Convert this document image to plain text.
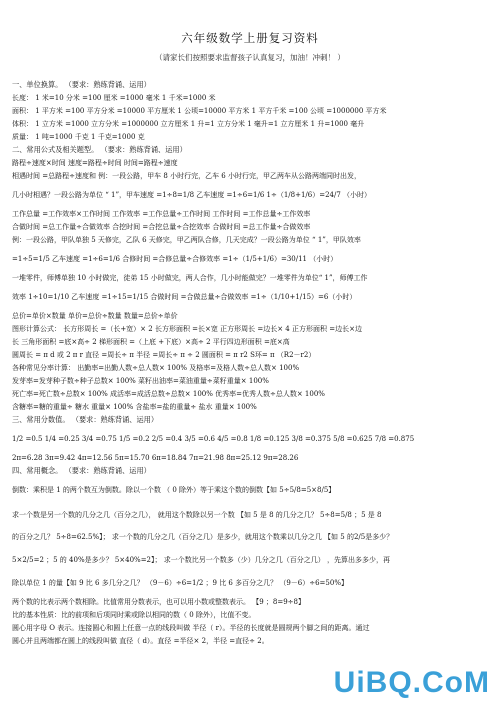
六年级数学上册复习资料
（请家长们按照要求监督孩子认真复习，加油！冲刺！ ）
一、单位换算。 （要求：熟练背诵、运用）
长度： 1 米=10 分米 =100 厘米 =1000 毫米 1 千米=1000 米
面积： 1 平方米 =100 平方分米 =10000 平方厘米 1 公顷=10000 平方米 1 平方千米 =100 公顷 =1000000 平方米
体积： 1 立方米 =1000 立方分米 =1000000 立方厘米 1 升=1 立方分米 1 毫升=1 立方厘米 1 升=1000 毫升
质量： 1 吨=1000 千克 1 千克=1000 克
二、常用公式及相关题型。 （要求：熟练背诵、运用）
路程÷速度×时间 速度=路程÷时间 时间=路程÷速度
相遇时间 =总路程÷速度和 例：一段公路，甲车 8 小时行完，乙车 6 小时行完，甲乙两车从公路两端同时出发，
几小时相遇？一段公路为单位 “ 1”，甲车速度 =1÷8=1/8 乙车速度 =1÷6=1/6 1÷（1/8+1/6）=24/7 （小时）
工作总量 =工作效率×工作时间 工作效率 =工作总量÷工作时间 工作时间 =工作总量÷工作效率
合做时间 =总工作量÷合做效率 合挖时间 =合挖总量÷合挖效率 合做时间 =总工作量÷合做效率
例：一段公路，甲队单独 5 天修完，乙队 6 天修完，甲乙两队合修，几天完成？一段公路为单位 “ 1”，甲队效率
=1÷5=1/5 乙车速度 =1÷6=1/6 合修时间 =合修总量÷合修效率 =1÷（1/5+1/6）=30/11 （小时）
一堆零件，师傅单独 10 小时做完，徒弟 15 小时做完，两人合作，几小时能做完？一堆零件为单位“ 1”，师傅工作
效率 1÷10=1/10 乙车速度 =1÷15=1/15 合做时间 =合做总量÷合做效率 =1÷（1/10+1/15）=6（小时）
总价=单价×数量 单价=总价÷数量 数量=总价÷单价
图形计算公式： 长方形周长 =（长+宽）× 2 长方形面积 =长×宽 正方形周长 =边长× 4 正方形面积 =边长×边
长 三角形面积 =底×高÷ 2 梯形面积 =（上底 +下底）×高÷ 2 平行四边形面积 =底×高
圆周长 = π d 或 2 π r 直径 =周长÷ π 半径 =周长÷ π ÷ 2 圆面积 = π r2 S环= π （R2－r2）
各种常见分率计算： 出勤率=出勤人数÷总人数× 100% 及格率=及格人数÷总人数× 100%
发芽率=发芽种子数÷种子总数× 100% 菜籽出油率=菜油重量÷菜籽重量× 100%
死亡率=死亡数÷总数× 100% 成活率=成活总数÷总数× 100% 优秀率=优秀人数÷总人数× 100%
含糖率=糖的重量÷ 糖水 重量× 100% 含盐率=盐的重量÷ 盐水 重量× 100%
三、常用分数值。 （要求：熟练背诵、运用）
1/2 =0.5 1/4 =0.25 3/4 =0.75 1/5 =0.2 2/5 =0.4 3/5 =0.6 4/5 =0.8 1/8 =0.125 3/8 =0.375 5/8 =0.625 7/8 =0.875
2π=6.28 3π=9.42 4π=12.56 5π=15.70 6π=18.84 7π=21.98 8π=25.12 9π=28.26
四、常用概念。 （要求：熟练背诵、运用）
倒数：乘积是 1 的两个数互为倒数。除以一个数 （ 0 除外）等于乘这个数的倒数【如 5÷5/8=5×8/5】
求一个数是另一个数的几分之几（百分之几）， 就用这个数除以另一个数 【如 5 是 8 的几分之几？ 5÷8=5/8 ；5 是 8
的百分之几？ 5÷8=62.5%】； 求一个数的几分之几（百分之几）是多少，就用这个数乘以几分之几 【如 5 的2/5是多少？
5×2/5=2 ；5 的 40%是多少？ 5×40%=2】； 求一个数比另一个数多（少）几分之几（百分之几） ，先算出多多少，再
除以单位 1 的量【如 9 比 6 多几分之几？ （9－6）÷6=1/2 ；9 比 6 多百分之几？ （9－6）÷6=50%】
两个数的比表示两个数相除。比值常用分数表示，也可以用小数或整数表示。 【9 ；8=9÷8】
比的基本性质：比的前项和后项同时乘或除以相同的数（ 0 除外），比值不变。
圆心用字母 O 表示。连接圆心和圆上任意一点的线段叫做 半径（ r）。半径的长度就是圆规两个脚之间的距离。通过
圆心并且两端都在圆上的线段叫做 直径（ d）。直径 =半径× 2，半径 =直径÷ 2。
UiBQ.CoM
